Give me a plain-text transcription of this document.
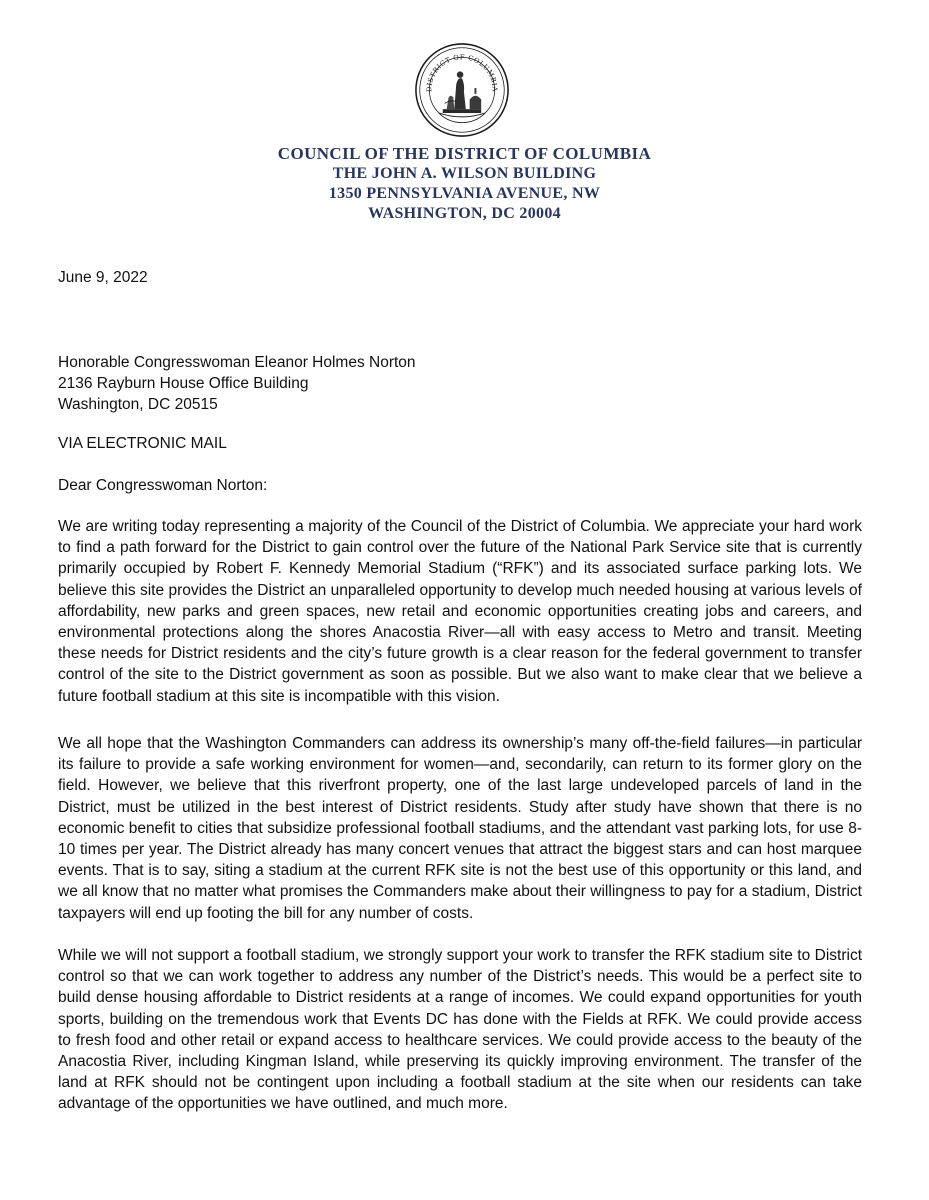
DISTRICT OF COLUMBIA
COUNCIL OF THE DISTRICT OF COLUMBIA
THE JOHN A. WILSON BUILDING
1350 PENNSYLVANIA AVENUE, NW
WASHINGTON, DC 20004
June 9, 2022
Honorable Congresswoman Eleanor Holmes Norton
2136 Rayburn House Office Building
Washington, DC 20515
VIA ELECTRONIC MAIL
Dear Congresswoman Norton:

We are writing today representing a majority of the Council of the District of Columbia. We appreciate your hard work to find a path forward for the District to gain control over the future of the National Park Service site that is currently primarily occupied by Robert F. Kennedy Memorial Stadium (“RFK”) and its associated surface parking lots. We believe this site provides the District an unparalleled opportunity to develop much needed housing at various levels of affordability, new parks and green spaces, new retail and economic opportunities creating jobs and careers, and environmental protections along the shores Anacostia River—all with easy access to Metro and transit. Meeting these needs for District residents and the city’s future growth is a clear reason for the federal government to transfer control of the site to the District government as soon as possible. But we also want to make clear that we believe a future football stadium at this site is incompatible with this vision.

We all hope that the Washington Commanders can address its ownership’s many off-the-field failures—in particular its failure to provide a safe working environment for women—and, secondarily, can return to its former glory on the field. However, we believe that this riverfront property, one of the last large undeveloped parcels of land in the District, must be utilized in the best interest of District residents. Study after study have shown that there is no economic benefit to cities that subsidize professional football stadiums, and the attendant vast parking lots, for use 8-10 times per year. The District already has many concert venues that attract the biggest stars and can host marquee events. That is to say, siting a stadium at the current RFK site is not the best use of this opportunity or this land, and we all know that no matter what promises the Commanders make about their willingness to pay for a stadium, District taxpayers will end up footing the bill for any number of costs.

While we will not support a football stadium, we strongly support your work to transfer the RFK stadium site to District control so that we can work together to address any number of the District’s needs. This would be a perfect site to build dense housing affordable to District residents at a range of incomes. We could expand opportunities for youth sports, building on the tremendous work that Events DC has done with the Fields at RFK. We could provide access to fresh food and other retail or expand access to healthcare services. We could provide access to the beauty of the Anacostia River, including Kingman Island, while preserving its quickly improving environment. The transfer of the land at RFK should not be contingent upon including a football stadium at the site when our residents can take advantage of the opportunities we have outlined, and much more.
